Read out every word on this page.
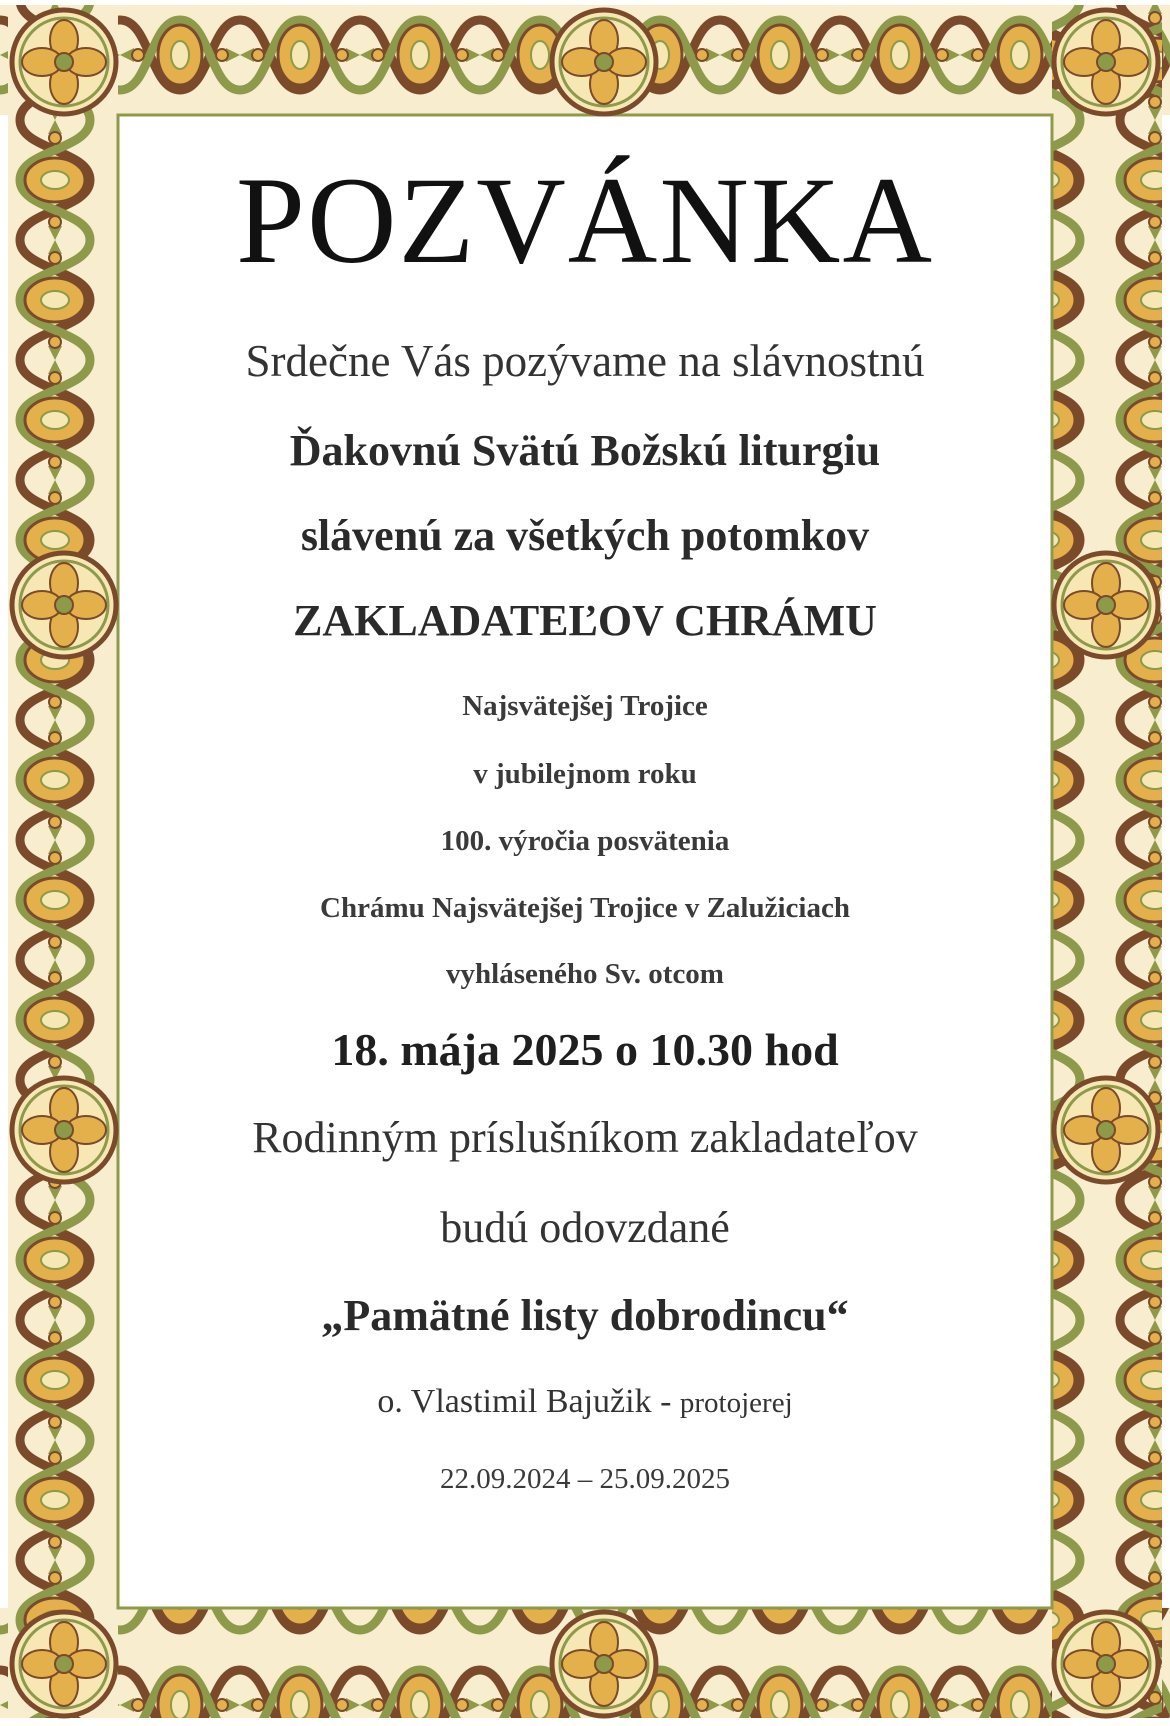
POZVÁNKA
Srdečne Vás pozývame na slávnostnú
Ďakovnú Svätú Božskú liturgiu
slávenú za všetkých potomkov
ZAKLADATEĽOV CHRÁMU
Najsvätejšej Trojice
v jubilejnom roku
100. výročia posvätenia
Chrámu Najsvätejšej Trojice v Zalužiciach
vyhláseného Sv. otcom
18. mája 2025 o 10.30 hod
Rodinným príslušníkom zakladateľov
budú odovzdané
„Pamätné listy dobrodincu“
o. Vlastimil Bajužik - protojerej
22.09.2024 – 25.09.2025
